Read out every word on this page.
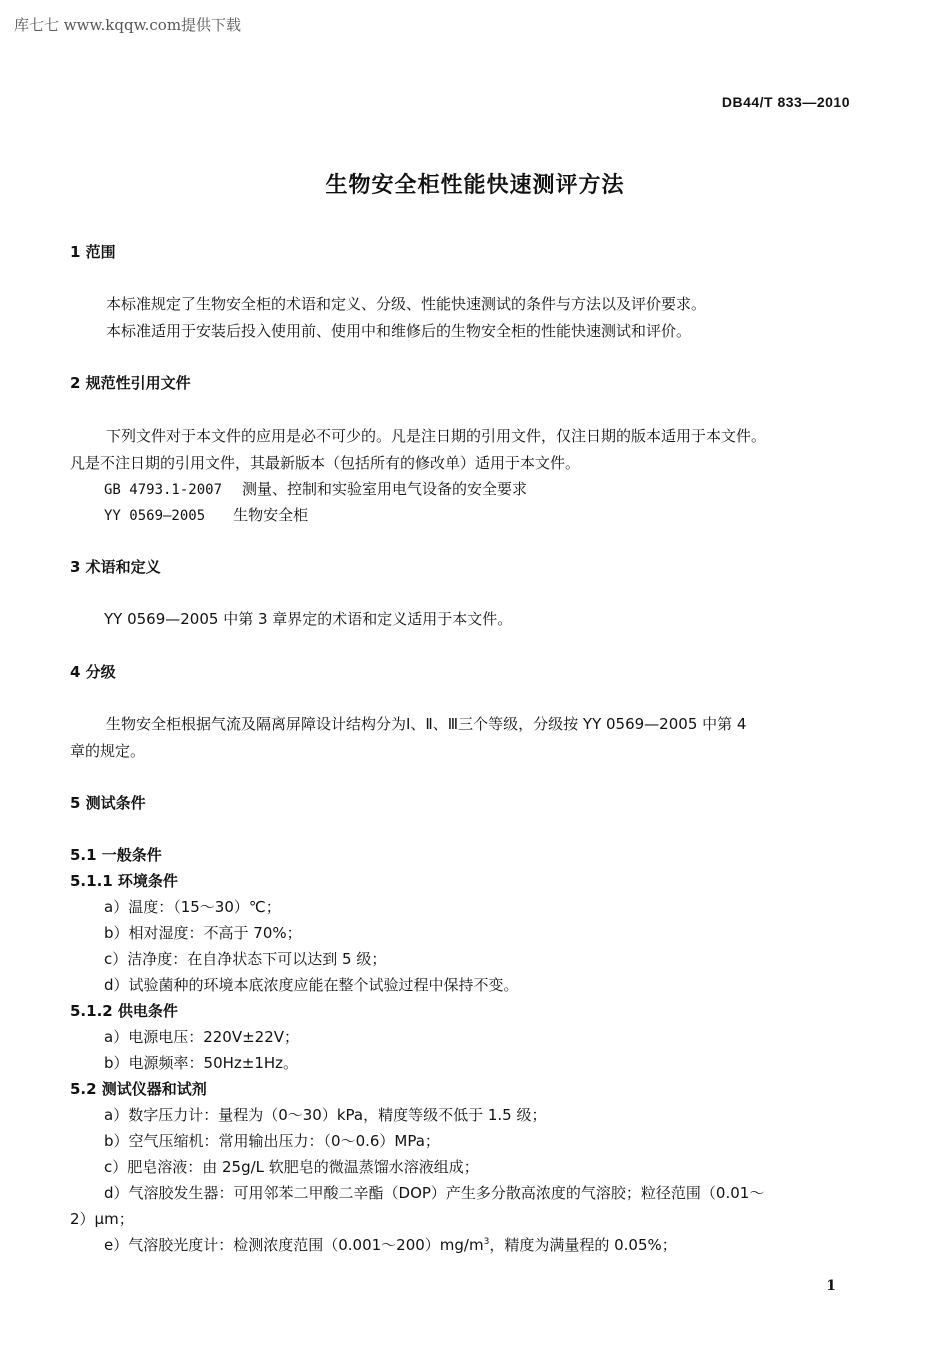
库七七 www.kqqw.com提供下载
DB44/T 833—2010
生物安全柜性能快速测评方法
1 范围
本标准规定了生物安全柜的术语和定义、分级、性能快速测试的条件与方法以及评价要求。
本标准适用于安装后投入使用前、使用中和维修后的生物安全柜的性能快速测试和评价。
2 规范性引用文件
下列文件对于本文件的应用是必不可少的。凡是注日期的引用文件，仅注日期的版本适用于本文件。
凡是不注日期的引用文件，其最新版本（包括所有的修改单）适用于本文件。
GB 4793.1-2007 测量、控制和实验室用电气设备的安全要求
YY 0569—2005 生物安全柜
3 术语和定义
YY 0569—2005 中第 3 章界定的术语和定义适用于本文件。
4 分级
生物安全柜根据气流及隔离屏障设计结构分为Ⅰ、Ⅱ、Ⅲ三个等级，分级按 YY 0569—2005 中第 4
章的规定。
5 测试条件
5.1 一般条件
5.1.1 环境条件
a）温度：（15～30）℃；
b）相对湿度：不高于 70%；
c）洁净度：在自净状态下可以达到 5 级；
d）试验菌种的环境本底浓度应能在整个试验过程中保持不变。
5.1.2 供电条件
a）电源电压：220V±22V；
b）电源频率：50Hz±1Hz。
5.2 测试仪器和试剂
a）数字压力计：量程为（0～30）kPa，精度等级不低于 1.5 级；
b）空气压缩机：常用输出压力：（0～0.6）MPa；
c）肥皂溶液：由 25g/L 软肥皂的微温蒸馏水溶液组成；
d）气溶胶发生器：可用邻苯二甲酸二辛酯（DOP）产生多分散高浓度的气溶胶；粒径范围（0.01～
2）μm；
e）气溶胶光度计：检测浓度范围$(0.001\sim 200)mg/m^3$，精度为满量程的 0.05%；
1
